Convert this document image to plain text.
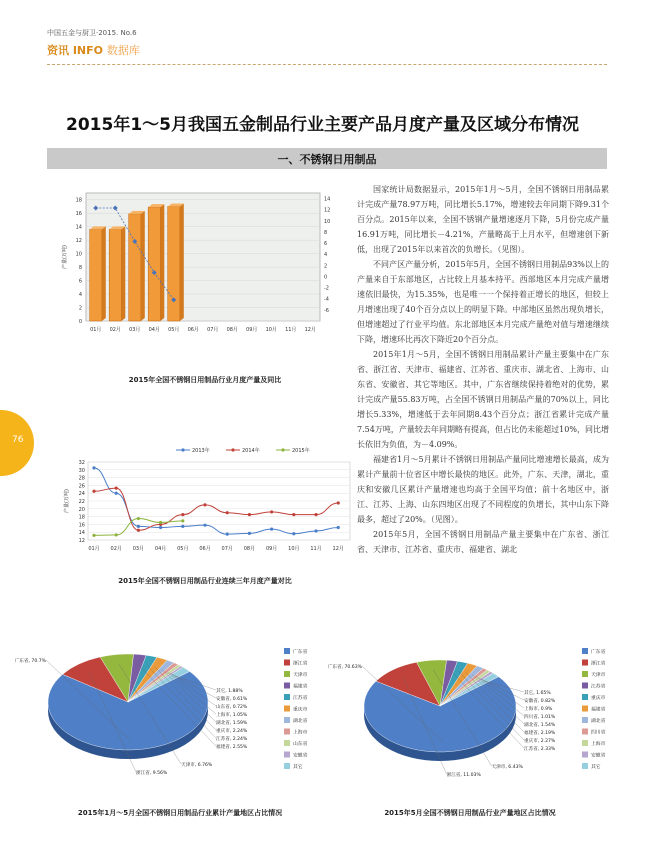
中国五金与厨卫·2015. No.6
资讯 INFO 数据库
2015年1～5月我国五金制品行业主要产品月度产量及区域分布情况
一、不锈钢日用制品
76

国家统计局数据显示，2015年1月～5月，全国不锈钢日用制品累计完成产量78.97万吨，同比增长5.17%，增速较去年同期下降9.31个百分点。2015年以来，全国不锈钢产量增速逐月下降，5月份完成产量16.91万吨，同比增长－4.21%，产量略高于上月水平，但增速创下新低，出现了2015年以来首次的负增长。（见图）。

不同产区产量分析，2015年5月，全国不锈钢日用制品93%以上的产量来自于东部地区，占比较上月基本持平。西部地区本月完成产量增速依旧最快，为15.35%，也是唯一一个保持着正增长的地区，但较上月增速出现了40个百分点以上的明显下降。中部地区虽然出现负增长，但增速超过了行业平均值。东北部地区本月完成产量绝对值与增速继续下降，增速环比再次下降近20个百分点。

2015年1月～5月，全国不锈钢日用制品累计产量主要集中在广东省、浙江省、天津市、福建省、江苏省、重庆市、湖北省、上海市、山东省、安徽省、其它等地区。其中，广东省继续保持着绝对的优势，累计完成产量55.83万吨，占全国不锈钢日用制品产量的70%以上，同比增长5.33%，增速低于去年同期8.43个百分点；浙江省累计完成产量7.54万吨，产量较去年同期略有提高，但占比仍未能超过10%，同比增长依旧为负值，为－4.09%。

福建省1月～5月累计不锈钢日用制品产量同比增速增长最高，成为累计产量前十位省区中增长最快的地区。此外，广东、天津，湖北，重庆和安徽几区累计产量增速也均高于全国平均值；前十名地区中，浙江、江苏、上海、山东四地区出现了不同程度的负增长，其中山东下降最多，超过了20%。（见图）。

2015年5月，全国不锈钢日用制品产量主要集中在广东省、浙江省、天津市、江苏省、重庆市、福建省、湖北

0
2
4
6
8
10
12
14
16
18
-6
-4
-2
0
2
4
6
8
10
12
14
产量(万吨)
01月 02月 03月 04月 05月 06月 07月 08月 09月 10月 11月 12月
2015年全国不锈钢日用制品行业月度产量及同比
2013年	2014年	2015年
12
14
16
18
20
22
24
26
28
30
32
产量(万吨)
01月 02月 03月 04月 05月 06月 07月 08月 09月 10月 11月 12月
2015年全国不锈钢日用制品行业连续三年月度产量对比
广东省, 70.7%
浙江省, 9.56%
天津市, 6.76%
福建省, 2.55%
江苏省, 2.24%
重庆市, 2.24%
湖北省, 1.59%
上海市, 1.05%
山东省, 0.72%
安徽省, 0.61%
其它, 1.88%
广东省
浙江省
天津市
福建省
江苏省
重庆市
湖北省
上海市
山东省
安徽省
其它
2015年1月～5月全国不锈钢日用制品行业累计产量地区占比情况
广东省, 70.63%
浙江省, 11.03%
天津市, 6.43%
江苏省, 2.33%
重庆市, 2.27%
福建省, 2.19%
湖北省, 1.54%
四川省, 1.01%
上海市, 0.9%
安徽省, 0.82%
其它, 1.65%
广东省
浙江省
天津市
江苏省
重庆市
福建省
湖北省
四川省
上海市
安徽省
其它
2015年5月全国不锈钢日用制品行业产量地区占比情况
